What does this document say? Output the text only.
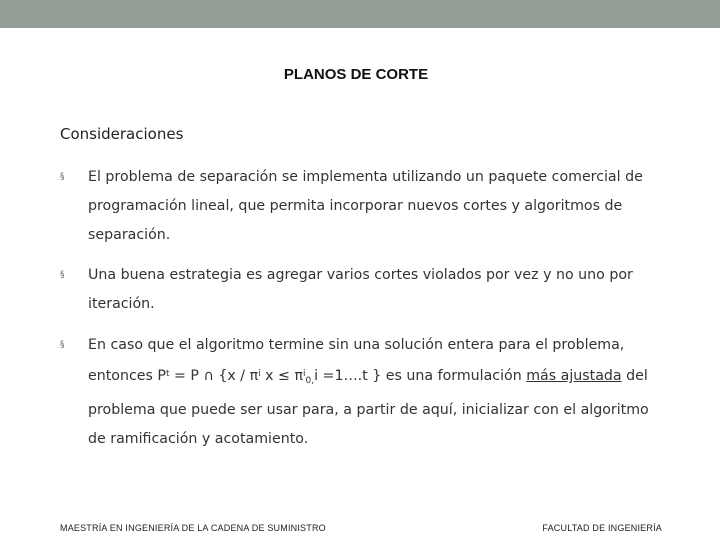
PLANOS DE CORTE
Consideraciones
§ El problema de separación se implementa utilizando un paquete comercial de
programación lineal, que permita incorporar nuevos cortes y algoritmos de
separación.
§ Una buena estrategia es agregar varios cortes violados por vez y no uno por
iteración.
§ En caso que el algoritmo termine sin una solución entera para el problema,
entonces $P^t = P$ ∩ {$x / \pi^i$ $x \le \pi^i_{0,}i$ =1….t } es una formulación más ajustada del
problema que puede ser usar para, a partir de aquí, inicializar con el algoritmo
de ramificación y acotamiento.
MAESTRÍA EN INGENIERÍA DE LA CADENA DE SUMINISTRO	FACULTAD DE INGENIERÍA
